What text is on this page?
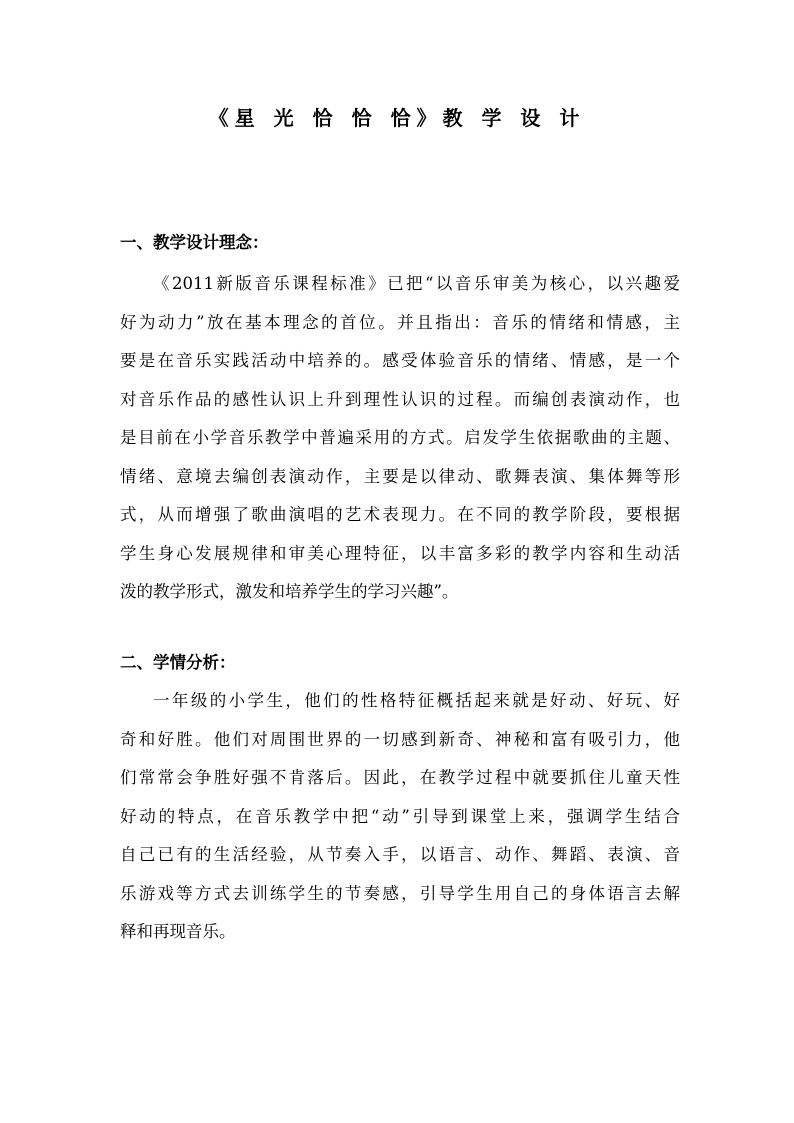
《星 光 恰 恰 恰》教 学 设 计
一、教学设计理念：
《2011新版音乐课程标准》已把“以音乐审美为核心，以兴趣爱
好为动力”放在基本理念的首位。并且指出：音乐的情绪和情感，主
要是在音乐实践活动中培养的。感受体验音乐的情绪、情感，是一个
对音乐作品的感性认识上升到理性认识的过程。而编创表演动作，也
是目前在小学音乐教学中普遍采用的方式。启发学生依据歌曲的主题、
情绪、意境去编创表演动作，主要是以律动、歌舞表演、集体舞等形
式，从而增强了歌曲演唱的艺术表现力。在不同的教学阶段，要根据
学生身心发展规律和审美心理特征，以丰富多彩的教学内容和生动活
泼的教学形式，激发和培养学生的学习兴趣”。
二、学情分析：
一年级的小学生，他们的性格特征概括起来就是好动、好玩、好
奇和好胜。他们对周围世界的一切感到新奇、神秘和富有吸引力，他
们常常会争胜好强不肯落后。因此，在教学过程中就要抓住儿童天性
好动的特点，在音乐教学中把“动”引导到课堂上来，强调学生结合
自己已有的生活经验，从节奏入手，以语言、动作、舞蹈、表演、音
乐游戏等方式去训练学生的节奏感，引导学生用自己的身体语言去解
释和再现音乐。
